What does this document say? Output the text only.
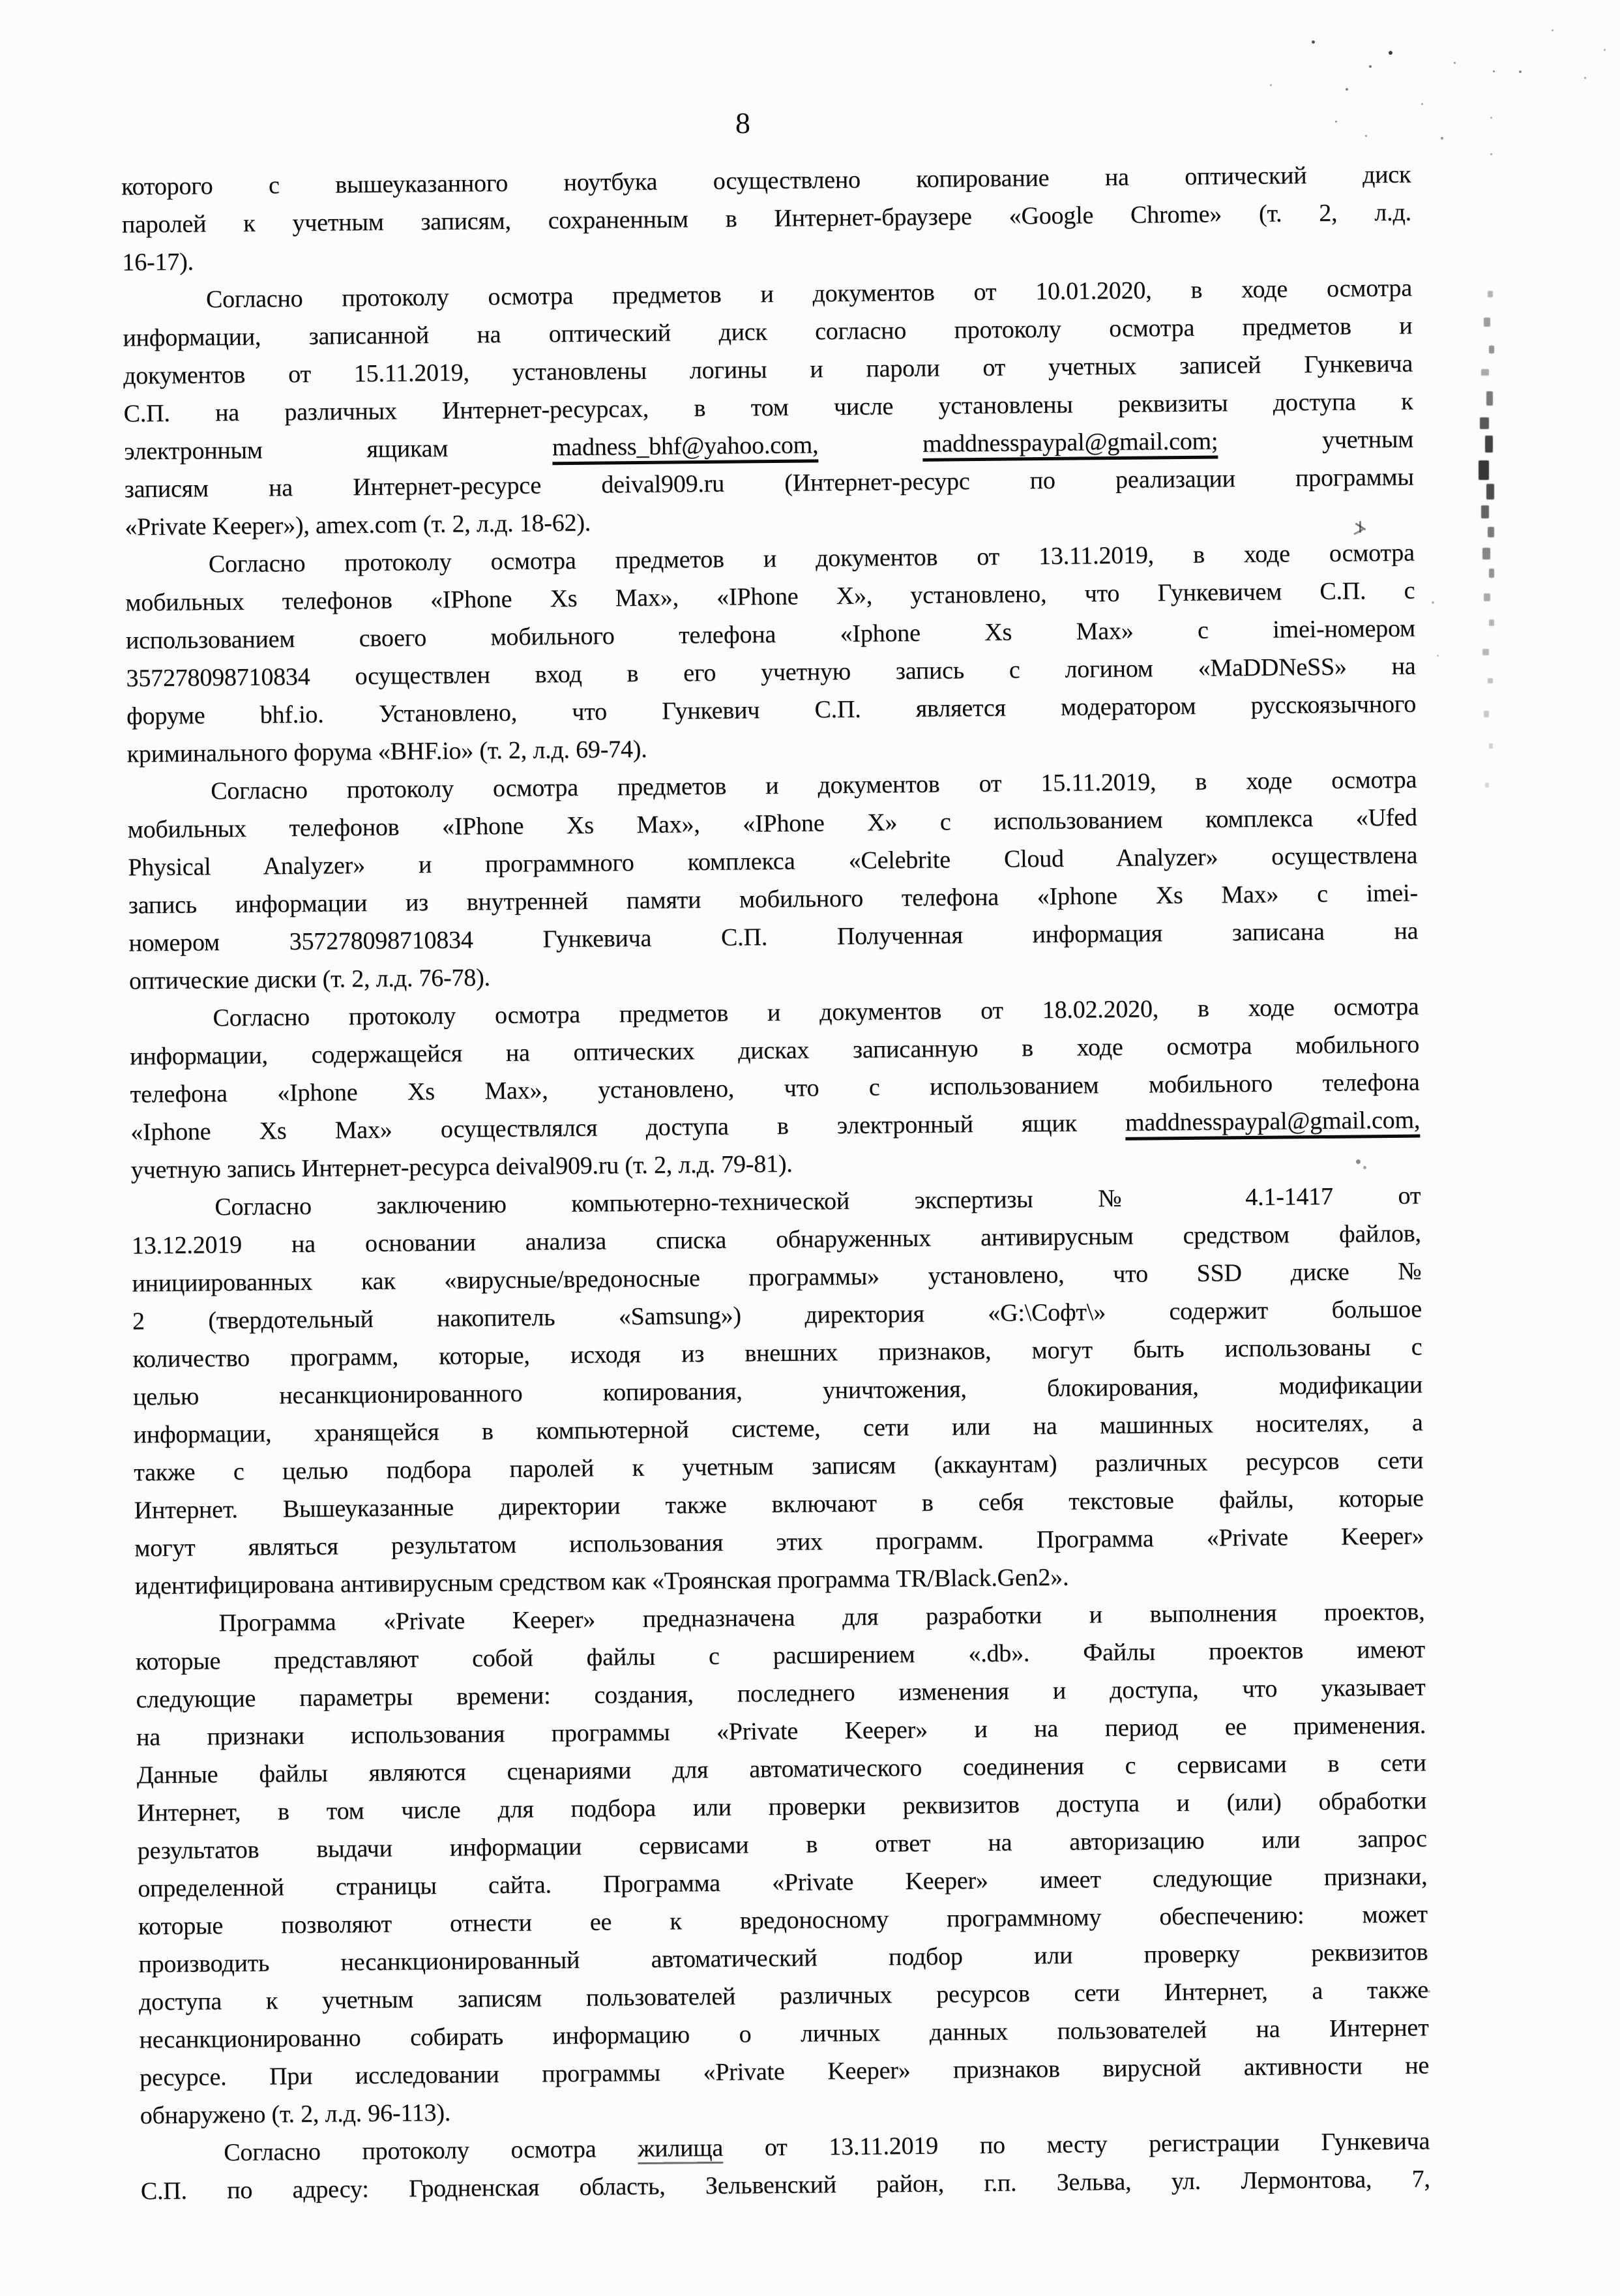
8
которого с вышеуказанного ноутбука осуществлено копирование на оптический диск
паролей к учетным записям, сохраненным в Интернет-браузере «Google Chrome» (т. 2, л.д.
16-17).
Согласно протоколу осмотра предметов и документов от 10.01.2020, в ходе осмотра
информации, записанной на оптический диск согласно протоколу осмотра предметов и
документов от 15.11.2019, установлены логины и пароли от учетных записей Гункевича
С.П. на различных Интернет-ресурсах, в том числе установлены реквизиты доступа к
электронным ящикам madness_bhf@yahoo.com,	maddnesspaypal@gmail.com; учетным
записям на Интернет-ресурсе deival909.ru (Интернет-ресурс по реализации программы
«Private Keeper»), amex.com (т. 2, л.д. 18-62).
Согласно протоколу осмотра предметов и документов от 13.11.2019, в ходе осмотра
мобильных телефонов «IPhone Xs Max», «IPhone X», установлено, что Гункевичем С.П. с
использованием своего мобильного телефона «Iphone Xs Max» с imei-номером
357278098710834 осуществлен вход в его учетную запись с логином «MaDDNeSS» на
форуме bhf.io. Установлено, что Гункевич С.П. является модератором русскоязычного
криминального форума «BHF.io» (т. 2, л.д. 69-74).
Согласно протоколу осмотра предметов и документов от 15.11.2019, в ходе осмотра
мобильных телефонов «IPhone Xs Max», «IPhone X» с использованием комплекса «Ufed
Physical Analyzer» и программного комплекса «Celebrite Cloud Analyzer» осуществлена
запись информации из внутренней памяти мобильного телефона «Iphone Xs Max» с imei-
номером 357278098710834 Гункевича С.П. Полученная информация записана на
оптические диски (т. 2, л.д. 76-78).
Согласно протоколу осмотра предметов и документов от 18.02.2020, в ходе осмотра
информации, содержащейся на оптических дисках записанную в ходе осмотра мобильного
телефона «Iphone Xs Max», установлено, что с использованием мобильного телефона
«Iphone Xs Max» осуществлялся доступа в электронный ящик maddnesspaypal@gmail.com,
учетную запись Интернет-ресурса deival909.ru (т. 2, л.д. 79-81).
Согласно заключению компьютерно-технической экспертизы № 4.1-1417 от
13.12.2019 на основании анализа списка обнаруженных антивирусным средством файлов,
инициированных как «вирусные/вредоносные программы» установлено, что SSD диске №
2 (твердотельный накопитель «Samsung») директория «G:\Софт\» содержит большое
количество программ, которые, исходя из внешних признаков, могут быть использованы с
целью несанкционированного копирования, уничтожения, блокирования, модификации
информации, хранящейся в компьютерной системе, сети или на машинных носителях, а
также с целью подбора паролей к учетным записям (аккаунтам) различных ресурсов сети
Интернет. Вышеуказанные директории также включают в себя текстовые файлы, которые
могут являться результатом использования этих программ. Программа «Private Keeper»
идентифицирована антивирусным средством как «Троянская программа TR/Black.Gen2».
Программа «Private Keeper» предназначена для разработки и выполнения проектов,
которые представляют собой файлы с расширением «.db». Файлы проектов имеют
следующие параметры времени: создания, последнего изменения и доступа, что указывает
на признаки использования программы «Private Keeper» и на период ее применения.
Данные файлы являются сценариями для автоматического соединения с сервисами в сети
Интернет, в том числе для подбора или проверки реквизитов доступа и (или) обработки
результатов выдачи информации сервисами в ответ на авторизацию или запрос
определенной страницы сайта. Программа «Private Keeper» имеет следующие признаки,
которые позволяют отнести ее к вредоносному программному обеспечению: может
производить несанкционированный автоматический подбор или проверку реквизитов
доступа к учетным записям пользователей различных ресурсов сети Интернет, а также
несанкционированно собирать информацию о личных данных пользователей на Интернет
ресурсе. При исследовании программы «Private Keeper» признаков вирусной активности не
обнаружено (т. 2, л.д. 96-113).
Согласно протоколу осмотра жилища от 13.11.2019 по месту регистрации Гункевича
С.П. по адресу: Гродненская область, Зельвенский район, г.п. Зельва, ул. Лермонтова, 7,
